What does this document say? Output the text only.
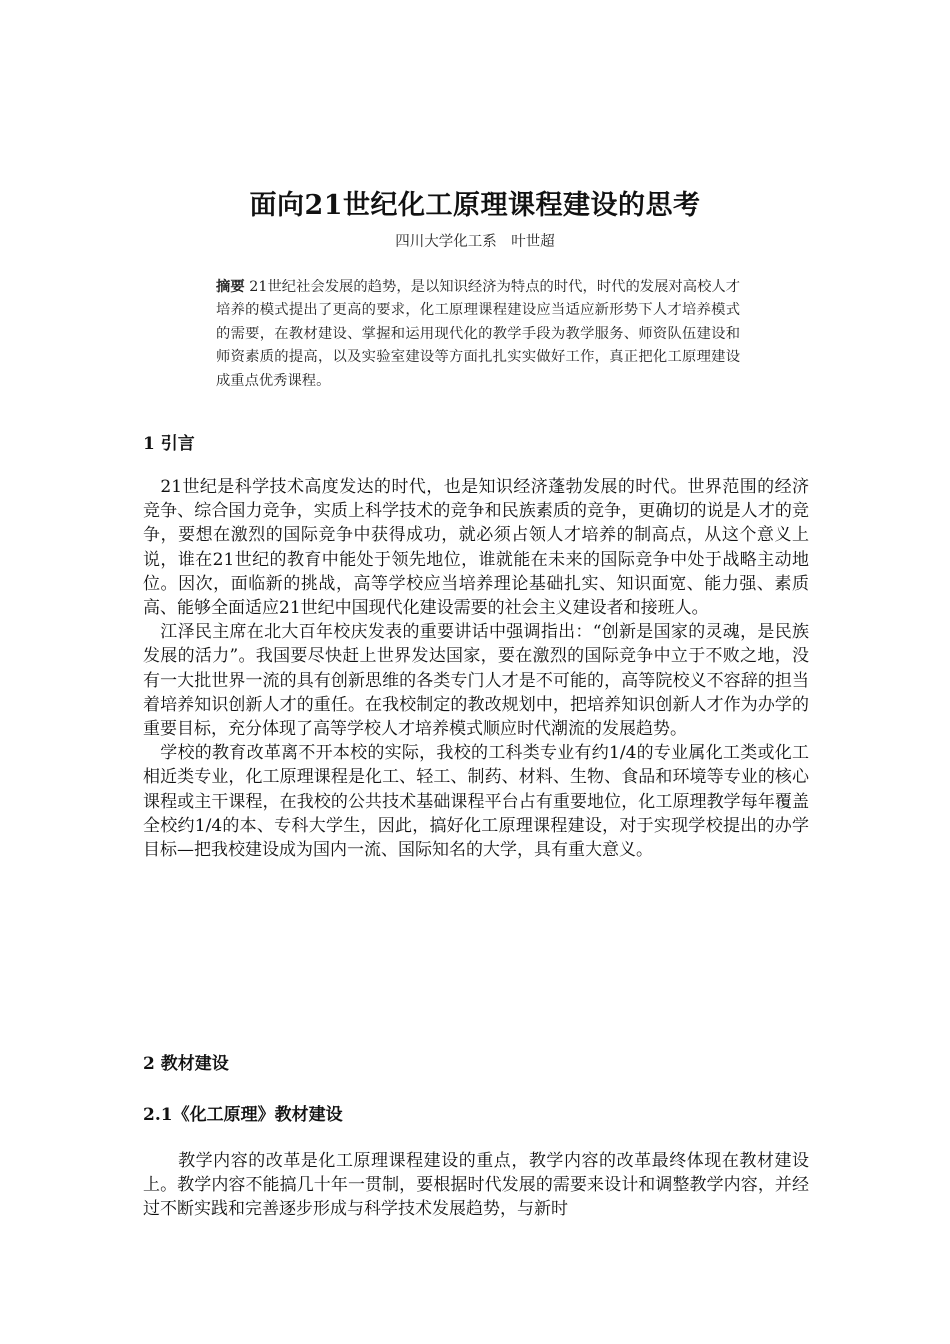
面向21世纪化工原理课程建设的思考

四川大学化工系　叶世超

摘要 21世纪社会发展的趋势，是以知识经济为特点的时代，时代的发展对高校人才培养的模式提出了更高的要求，化工原理课程建设应当适应新形势下人才培养模式的需要，在教材建设、掌握和运用现代化的教学手段为教学服务、师资队伍建设和师资素质的提高，以及实验室建设等方面扎扎实实做好工作，真正把化工原理建设成重点优秀课程。

1 引言

　21世纪是科学技术高度发达的时代，也是知识经济蓬勃发展的时代。世界范围的经济竞争、综合国力竞争，实质上科学技术的竞争和民族素质的竞争，更确切的说是人才的竞争，要想在激烈的国际竞争中获得成功，就必须占领人才培养的制高点，从这个意义上说，谁在21世纪的教育中能处于领先地位，谁就能在未来的国际竞争中处于战略主动地位。因次，面临新的挑战，高等学校应当培养理论基础扎实、知识面宽、能力强、素质高、能够全面适应21世纪中国现代化建设需要的社会主义建设者和接班人。

　江泽民主席在北大百年校庆发表的重要讲话中强调指出：“创新是国家的灵魂，是民族发展的活力”。我国要尽快赶上世界发达国家，要在激烈的国际竞争中立于不败之地，没有一大批世界一流的具有创新思维的各类专门人才是不可能的，高等院校义不容辞的担当着培养知识创新人才的重任。在我校制定的教改规划中，把培养知识创新人才作为办学的重要目标，充分体现了高等学校人才培养模式顺应时代潮流的发展趋势。

　学校的教育改革离不开本校的实际，我校的工科类专业有约1/4的专业属化工类或化工相近类专业，化工原理课程是化工、轻工、制药、材料、生物、食品和环境等专业的核心课程或主干课程，在我校的公共技术基础课程平台占有重要地位，化工原理教学每年覆盖全校约1/4的本、专科大学生，因此，搞好化工原理课程建设，对于实现学校提出的办学目标—把我校建设成为国内一流、国际知名的大学，具有重大意义。

2 教材建设
2.1《化工原理》教材建设

　　教学内容的改革是化工原理课程建设的重点，教学内容的改革最终体现在教材建设上。教学内容不能搞几十年一贯制，要根据时代发展的需要来设计和调整教学内容，并经过不断实践和完善逐步形成与科学技术发展趋势，与新时
